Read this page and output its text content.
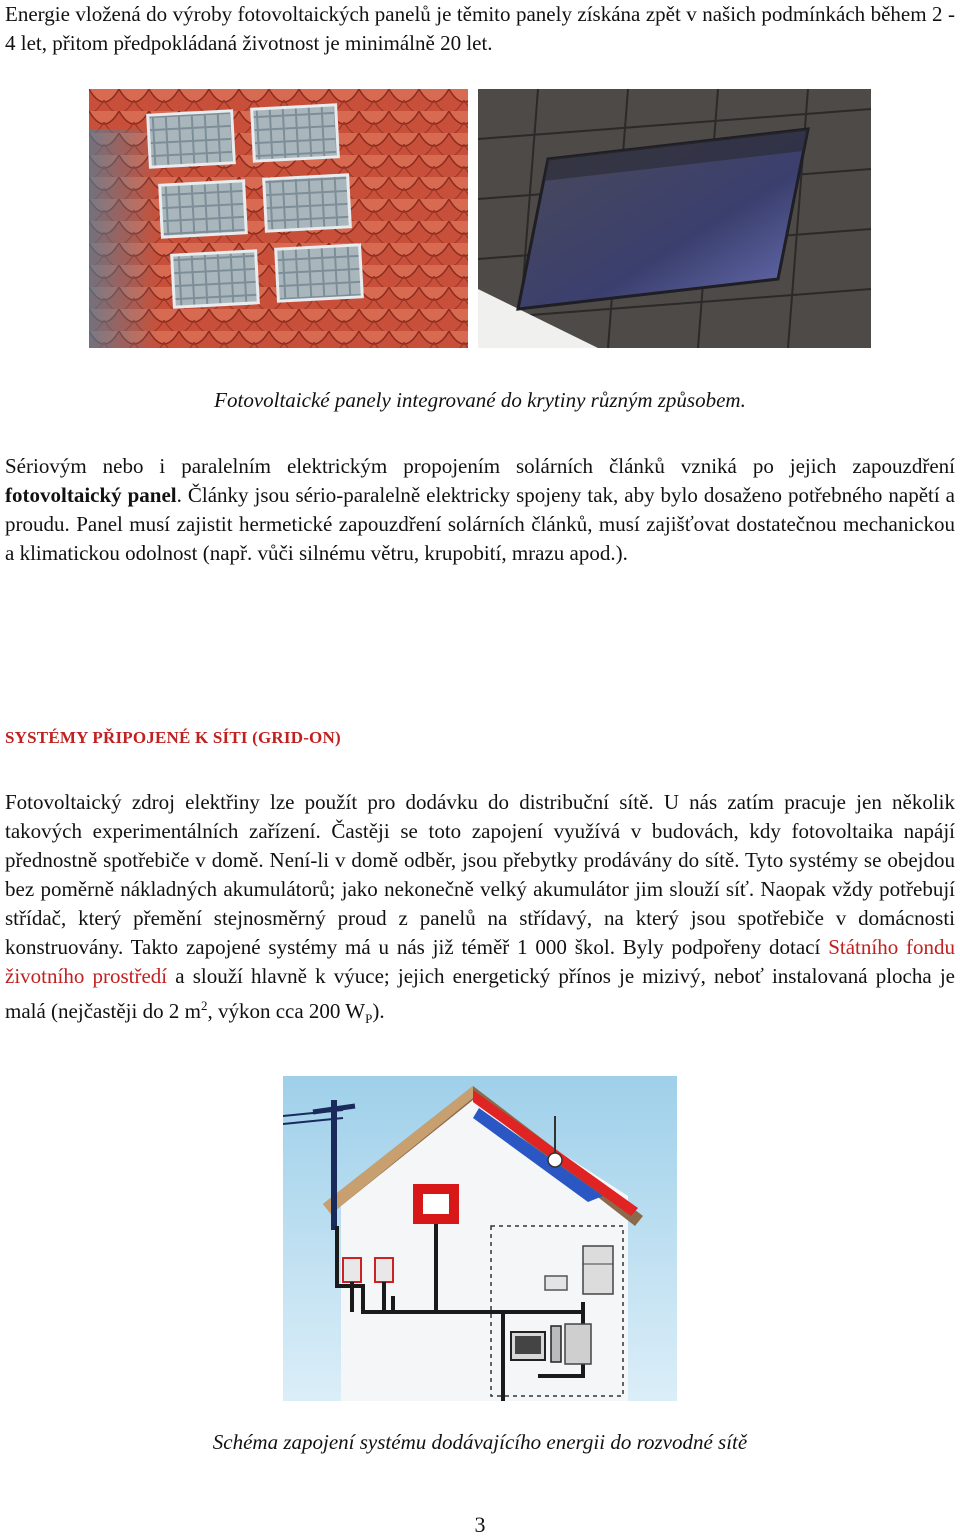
Energie vložená do výroby fotovoltaických panelů je těmito panely získána zpět v našich podmínkách během 2 - 4 let, přitom předpokládaná životnost je minimálně 20 let.

Fotovoltaické panely integrované do krytiny různým způsobem.

Sériovým nebo i paralelním elektrickým propojením solárních článků vzniká po jejich zapouzdření fotovoltaický panel. Články jsou sério-paralelně elektricky spojeny tak, aby bylo dosaženo potřebného napětí a proudu. Panel musí zajistit hermetické zapouzdření solárních článků, musí zajišťovat dostatečnou mechanickou a klimatickou odolnost (např. vůči silnému větru, krupobití, mrazu apod.).

SYSTÉMY PŘIPOJENÉ K SÍTI (GRID-ON)

Fotovoltaický zdroj elektřiny lze použít pro dodávku do distribuční sítě. U nás zatím pracuje jen několik takových experimentálních zařízení. Častěji se toto zapojení využívá v budovách, kdy fotovoltaika napájí přednostně spotřebiče v domě. Není-li v domě odběr, jsou přebytky prodávány do sítě. Tyto systémy se obejdou bez poměrně nákladných akumulátorů; jako nekonečně velký akumulátor jim slouží síť. Naopak vždy potřebují střídač, který přemění stejnosměrný proud z panelů na střídavý, na který jsou spotřebiče v domácnosti konstruovány. Takto zapojené systémy má u nás již téměř 1 000 škol. Byly podpořeny dotací Státního fondu životního prostředí a slouží hlavně k výuce; jejich energetický přínos je mizivý, neboť instalovaná plocha je malá (nejčastěji do 2 $m^2$, výkon cca 200 $W_P$).

Schéma zapojení systému dodávajícího energii do rozvodné sítě

3
